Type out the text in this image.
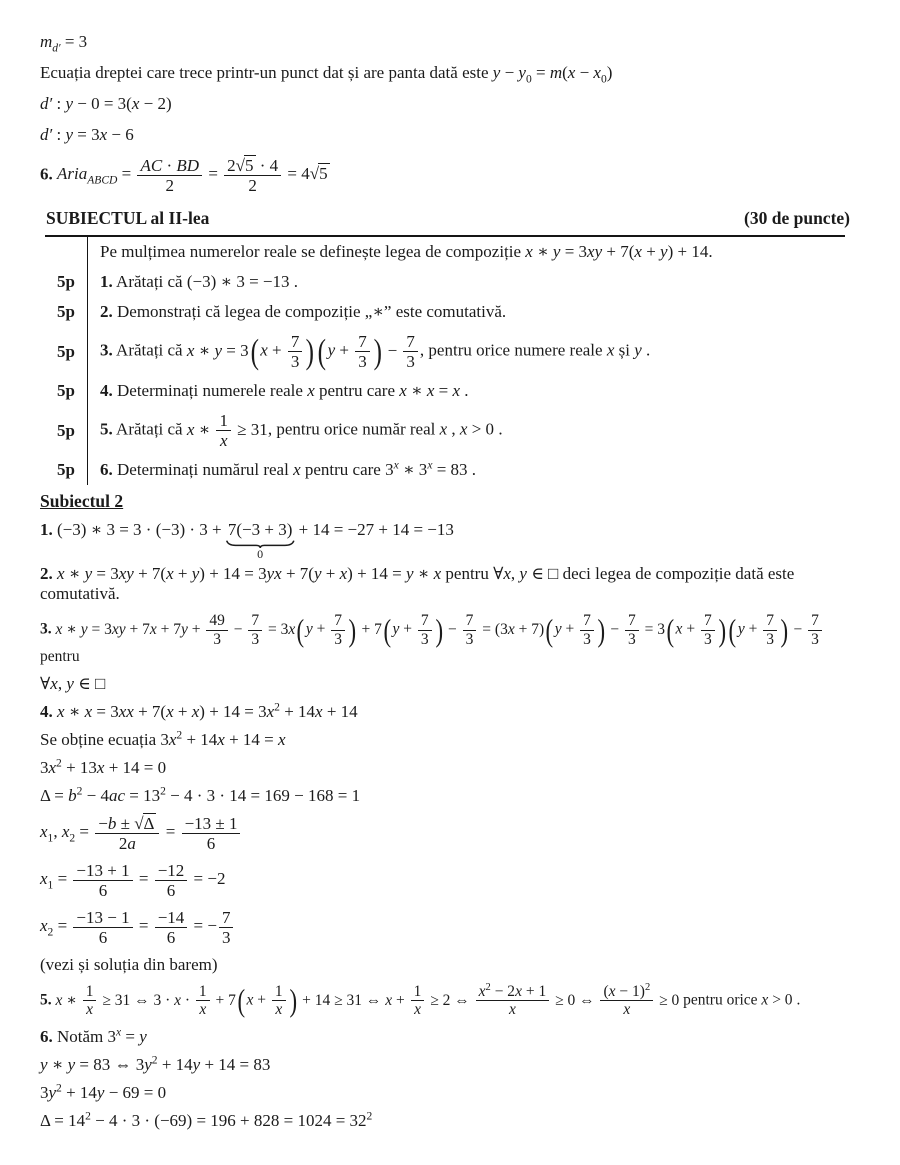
$m_{d'} = 3$
Ecuația dreptei care trece printr-un punct dat și are panta dată este $y - y_0 = m(x - x_0)$
d′ : y − 0 = 3(x − 2)
d′ : y = 3x − 6
6. Aria$_{ABCD}$ = $\frac{AC \cdot BD}{2} = \frac{2√5 \cdot 4}{2} = 4√5$
SUBIECTUL al II-lea	(30 de puncte)
Pe mulțimea numerelor reale se definește legea de compoziție x ∗ y = 3xy + 7(x + y) + 14.
5p	1. Arătați că (−3) ∗ 3 = −13 .
5p	2. Demonstrați că legea de compoziție „∗” este comutativă.
5p	3. Arătați că x ∗ y = 3 ( $x + \frac{7}{3}$ ) ( $y + \frac{7}{3}$ ) − $\frac{7}{3}$ , pentru orice numere reale x și y .
5p	4. Determinați numerele reale x pentru care x ∗ x = x .
5p	5. Arătați că x ∗ $\frac{1}{x} \ge 31$, pentru orice număr real x , x > 0 .
5p	6. Determinați numărul real x pentru care 3$^x$ ∗ $3^x = 83$ .
Subiectul 2
1. (−3) ∗ 3 = 3 · (−3) · 3 + 7(−3 + 3)
0
+ 14 = −27 + 14 = −13
2. x ∗ y = 3xy + 7(x + y) + 14 = 3yx + 7(y + x) + 14 = y ∗ x pentru ∀x, y ∈ □ deci legea de compoziție dată este comutativă.
3. x ∗ $y = 3xy + 7x + 7y + \frac{49}{3} - \frac{7}{3} = 3x$ ( $y + \frac{7}{3}$ ) + 7 ( $y + \frac{7}{3}$ ) − $\frac{7}{3} = (3x + 7)$ ( $y + \frac{7}{3}$ ) − $\frac{7}{3} = 3$ ( $x + \frac{7}{3}$ ) ( $y + \frac{7}{3}$ ) − $\frac{7}{3}$
pentru
∀x, y ∈ □
4. x ∗ $x = 3xx + 7(x + x) + 14 = 3x^2 + 14x + 14$
Se obține ecuația $3x^2 + 14x + 14 = x$
$3x^2 + 13x + 14 = 0$
$\Delta = b^2 - 4ac = 13^2 - 4 \cdot 3 \cdot 14 = 169 - 168 = 1$
$x_1$, $x_2 = \frac{-b \pm √\Delta}{2a} = \frac{-13 \pm 1}{6}$
$x_1 = \frac{-13 + 1}{6} = \frac{-12}{6} = -2$
$x_2 = \frac{-13 - 1}{6} = \frac{-14}{6}$ = − $\frac{7}{3}$
(vezi și soluția din barem)
5. x ∗ $\frac{1}{x} \ge 31$ ⇔ $3 \cdot x \cdot \frac{1}{x} + 7$ ( $x + \frac{1}{x}$ ) + 14 ≥ 31 ⇔ $x + \frac{1}{x} \ge 2$ ⇔ $\frac{x^2 - 2x + 1}{x} \ge 0$ ⇔ $\frac{(x - 1)^2}{x} \ge 0$ pentru orice x > 0 .
6. Notăm $3^x = y$
y ∗ y = 83 ⇔ $3y^2 + 14y + 14 = 83$
$3y^2 + 14y - 69 = 0$
$\Delta = 14^2 - 4 \cdot 3 \cdot (-69) = 196 + 828 = 1024 = 32^2$
